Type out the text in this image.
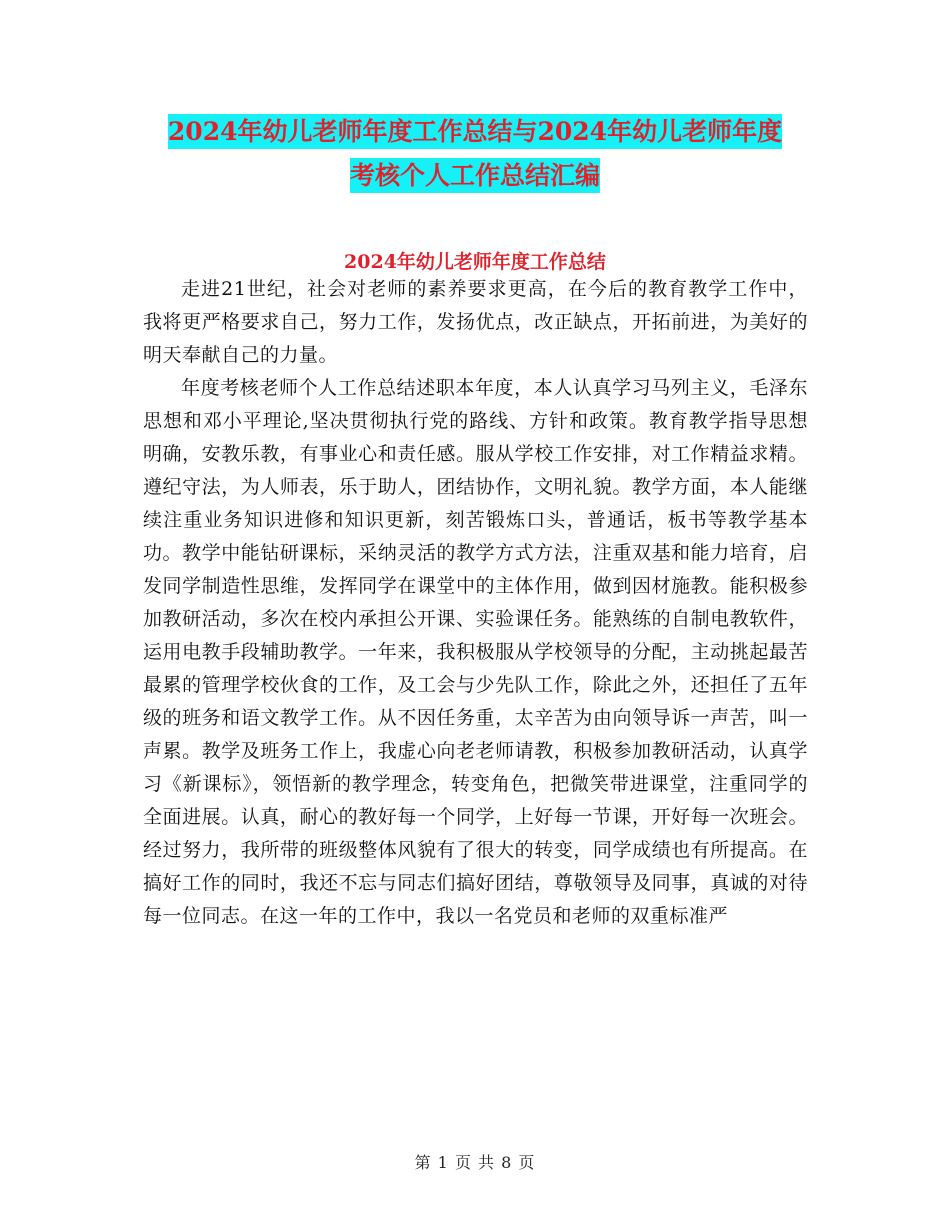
2024年幼儿老师年度工作总结与2024年幼儿老师年度
考核个人工作总结汇编
2024年幼儿老师年度工作总结

走进21世纪，社会对老师的素养要求更高，在今后的教育教学工作中，我将更严格要求自己，努力工作，发扬优点，改正缺点，开拓前进，为美好的明天奉献自己的力量。

年度考核老师个人工作总结述职本年度，本人认真学习马列主义，毛泽东思想和邓小平理论,坚决贯彻执行党的路线、方针和政策。教育教学指导思想明确，安教乐教，有事业心和责任感。服从学校工作安排，对工作精益求精。遵纪守法，为人师表，乐于助人，团结协作，文明礼貌。教学方面，本人能继续注重业务知识进修和知识更新，刻苦锻炼口头，普通话，板书等教学基本功。教学中能钻研课标，采纳灵活的教学方式方法，注重双基和能力培育，启发同学制造性思维，发挥同学在课堂中的主体作用，做到因材施教。能积极参加教研活动，多次在校内承担公开课、实验课任务。能熟练的自制电教软件，运用电教手段辅助教学。一年来，我积极服从学校领导的分配，主动挑起最苦最累的管理学校伙食的工作，及工会与少先队工作，除此之外，还担任了五年级的班务和语文教学工作。从不因任务重，太辛苦为由向领导诉一声苦，叫一声累。教学及班务工作上，我虚心向老老师请教，积极参加教研活动，认真学习《新课标》，领悟新的教学理念，转变角色，把微笑带进课堂，注重同学的全面进展。认真，耐心的教好每一个同学，上好每一节课，开好每一次班会。经过努力，我所带的班级整体风貌有了很大的转变，同学成绩也有所提高。在搞好工作的同时，我还不忘与同志们搞好团结，尊敬领导及同事，真诚的对待每一位同志。在这一年的工作中，我以一名党员和老师的双重标准严

第 1 页 共 8 页
